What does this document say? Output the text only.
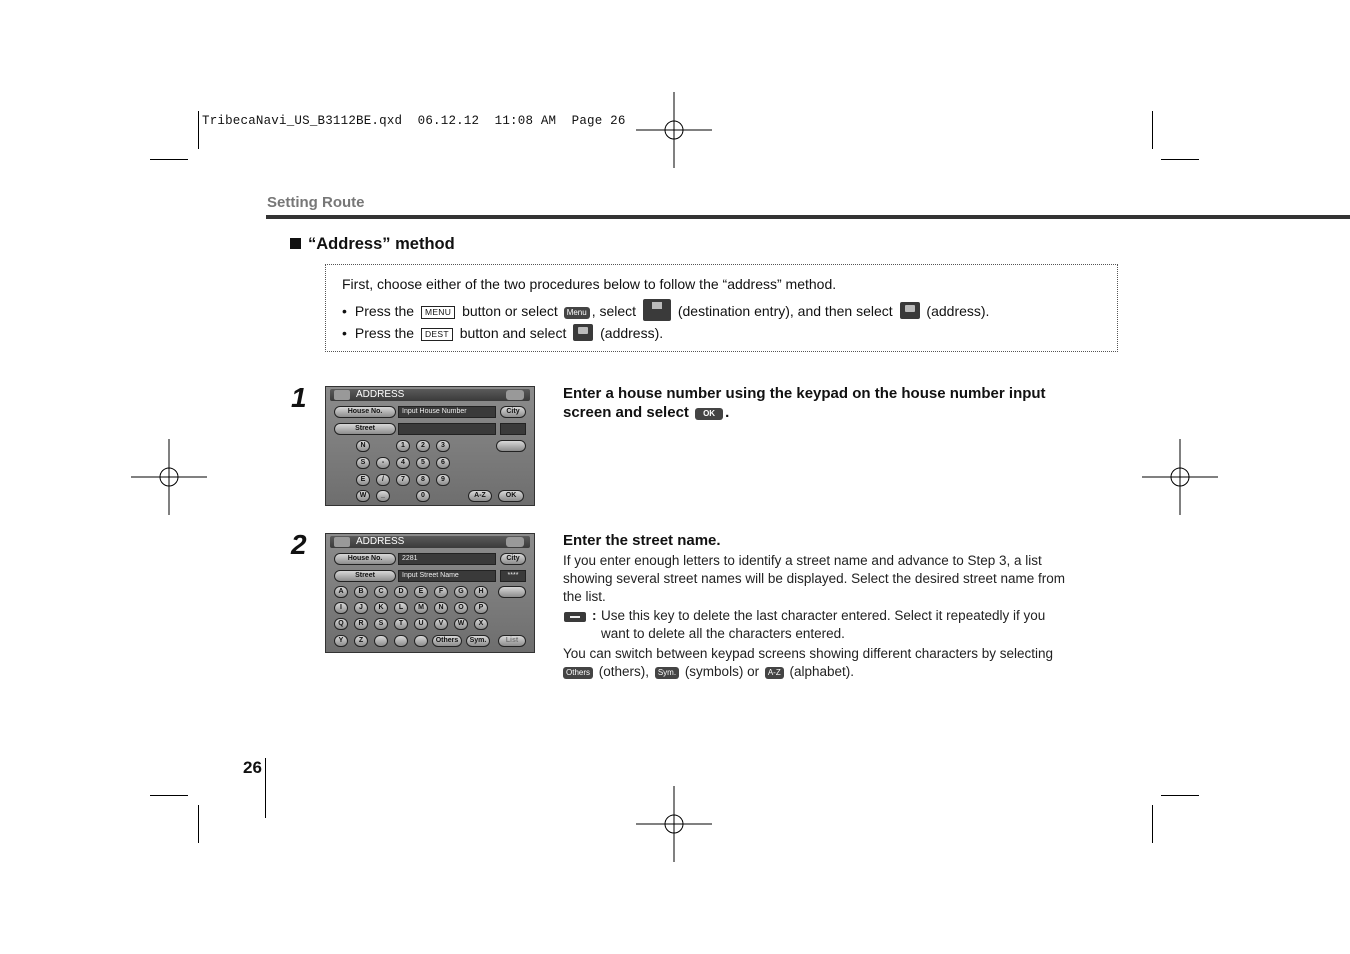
TribecaNavi_US_B3112BE.qxd  06.12.12  11:08 AM  Page 26
Setting Route
“Address” method
First, choose either of the two procedures below to follow the “address” method.
• Press the MENU button or select Menu , select	(destination entry), and then select (address).
• Press the DEST button and select (address).
1	ADDRESS
House No.	Input House Number	City
Street
N	1	2	3
S	-	4	5	6
E	/	7	8	9
W	_	0	A-Z	OK
Enter a house number using the keypad on the house number input
screen and select OK .
2	ADDRESS
House No.	2281	City
Street	Input Street Name	****
A	B	C	D	E	F	G	H
I	J	K	L	M	N	O	P
Q	R	S	T	U	V	W	X
Y	Z	Others	Sym.	List
Enter the street name.
If you enter enough letters to identify a street name and advance to Step 3, a list
showing several street names will be displayed. Select the desired street name from
the list.
: Use this key to delete the last character entered. Select it repeatedly if you
want to delete all the characters entered.
You can switch between keypad screens showing different characters by selecting
Others (others), Sym. (symbols) or A-Z (alphabet).
26
